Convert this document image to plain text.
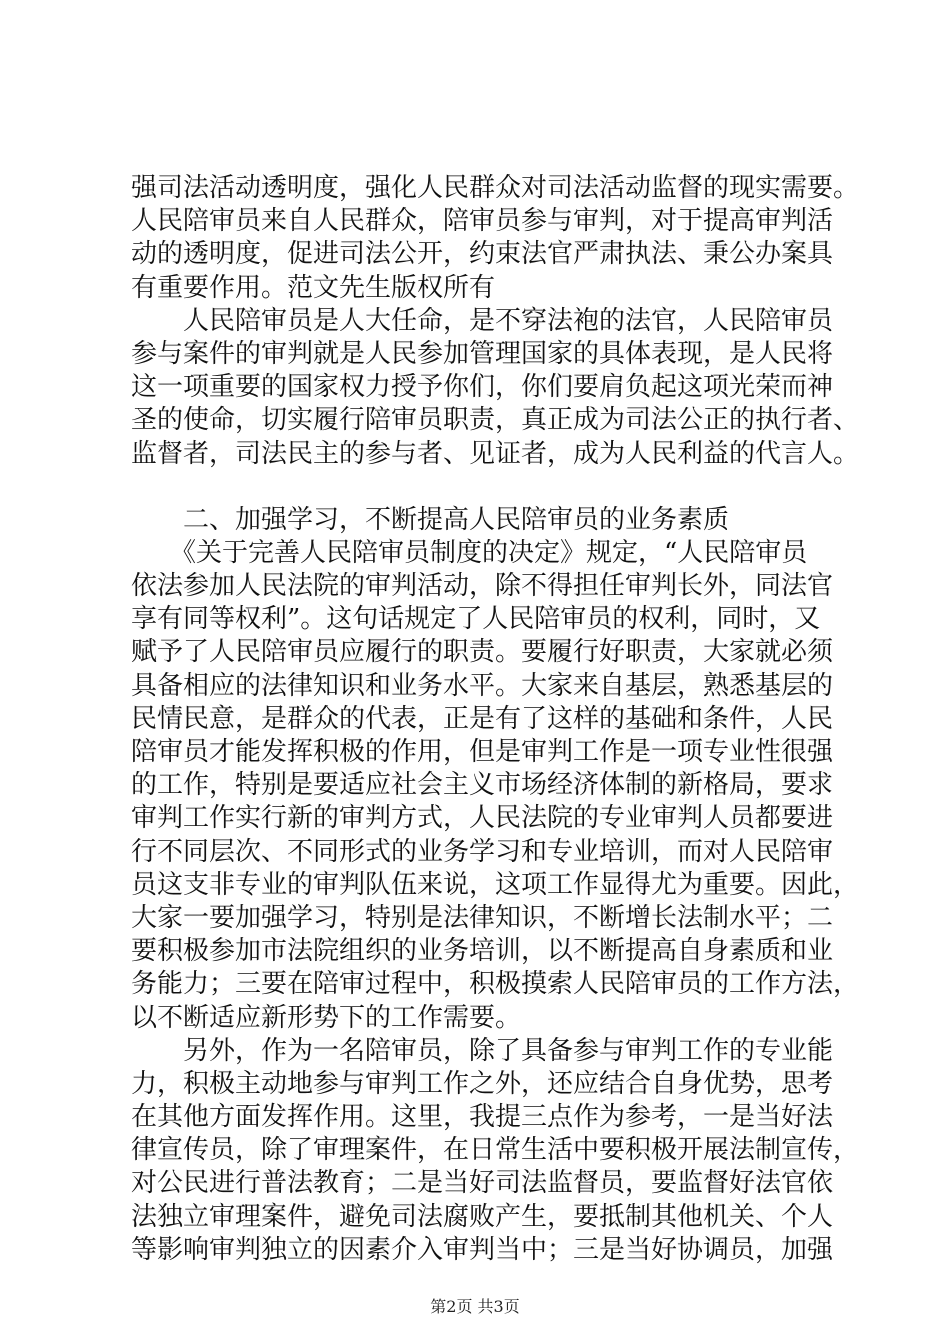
强司法活动透明度，强化人民群众对司法活动监督的现实需要。
人民陪审员来自人民群众，陪审员参与审判，对于提高审判活
动的透明度，促进司法公开，约束法官严肃执法、秉公办案具
有重要作用。范文先生版权所有
　　人民陪审员是人大任命，是不穿法袍的法官，人民陪审员
参与案件的审判就是人民参加管理国家的具体表现，是人民将
这一项重要的国家权力授予你们，你们要肩负起这项光荣而神
圣的使命，切实履行陪审员职责，真正成为司法公正的执行者、
监督者，司法民主的参与者、见证者，成为人民利益的代言人。
　　二、加强学习，不断提高人民陪审员的业务素质
　　《关于完善人民陪审员制度的决定》规定，“人民陪审员
依法参加人民法院的审判活动，除不得担任审判长外，同法官
享有同等权利”。这句话规定了人民陪审员的权利，同时，又
赋予了人民陪审员应履行的职责。要履行好职责，大家就必须
具备相应的法律知识和业务水平。大家来自基层，熟悉基层的
民情民意，是群众的代表，正是有了这样的基础和条件，人民
陪审员才能发挥积极的作用，但是审判工作是一项专业性很强
的工作，特别是要适应社会主义市场经济体制的新格局，要求
审判工作实行新的审判方式，人民法院的专业审判人员都要进
行不同层次、不同形式的业务学习和专业培训，而对人民陪审
员这支非专业的审判队伍来说，这项工作显得尤为重要。因此，
大家一要加强学习，特别是法律知识，不断增长法制水平；二
要积极参加市法院组织的业务培训，以不断提高自身素质和业
务能力；三要在陪审过程中，积极摸索人民陪审员的工作方法，
以不断适应新形势下的工作需要。
　　另外，作为一名陪审员，除了具备参与审判工作的专业能
力，积极主动地参与审判工作之外，还应结合自身优势，思考
在其他方面发挥作用。这里，我提三点作为参考，一是当好法
律宣传员，除了审理案件，在日常生活中要积极开展法制宣传，
对公民进行普法教育；二是当好司法监督员，要监督好法官依
法独立审理案件，避免司法腐败产生，要抵制其他机关、个人
等影响审判独立的因素介入审判当中；三是当好协调员，加强
第2页 共3页
